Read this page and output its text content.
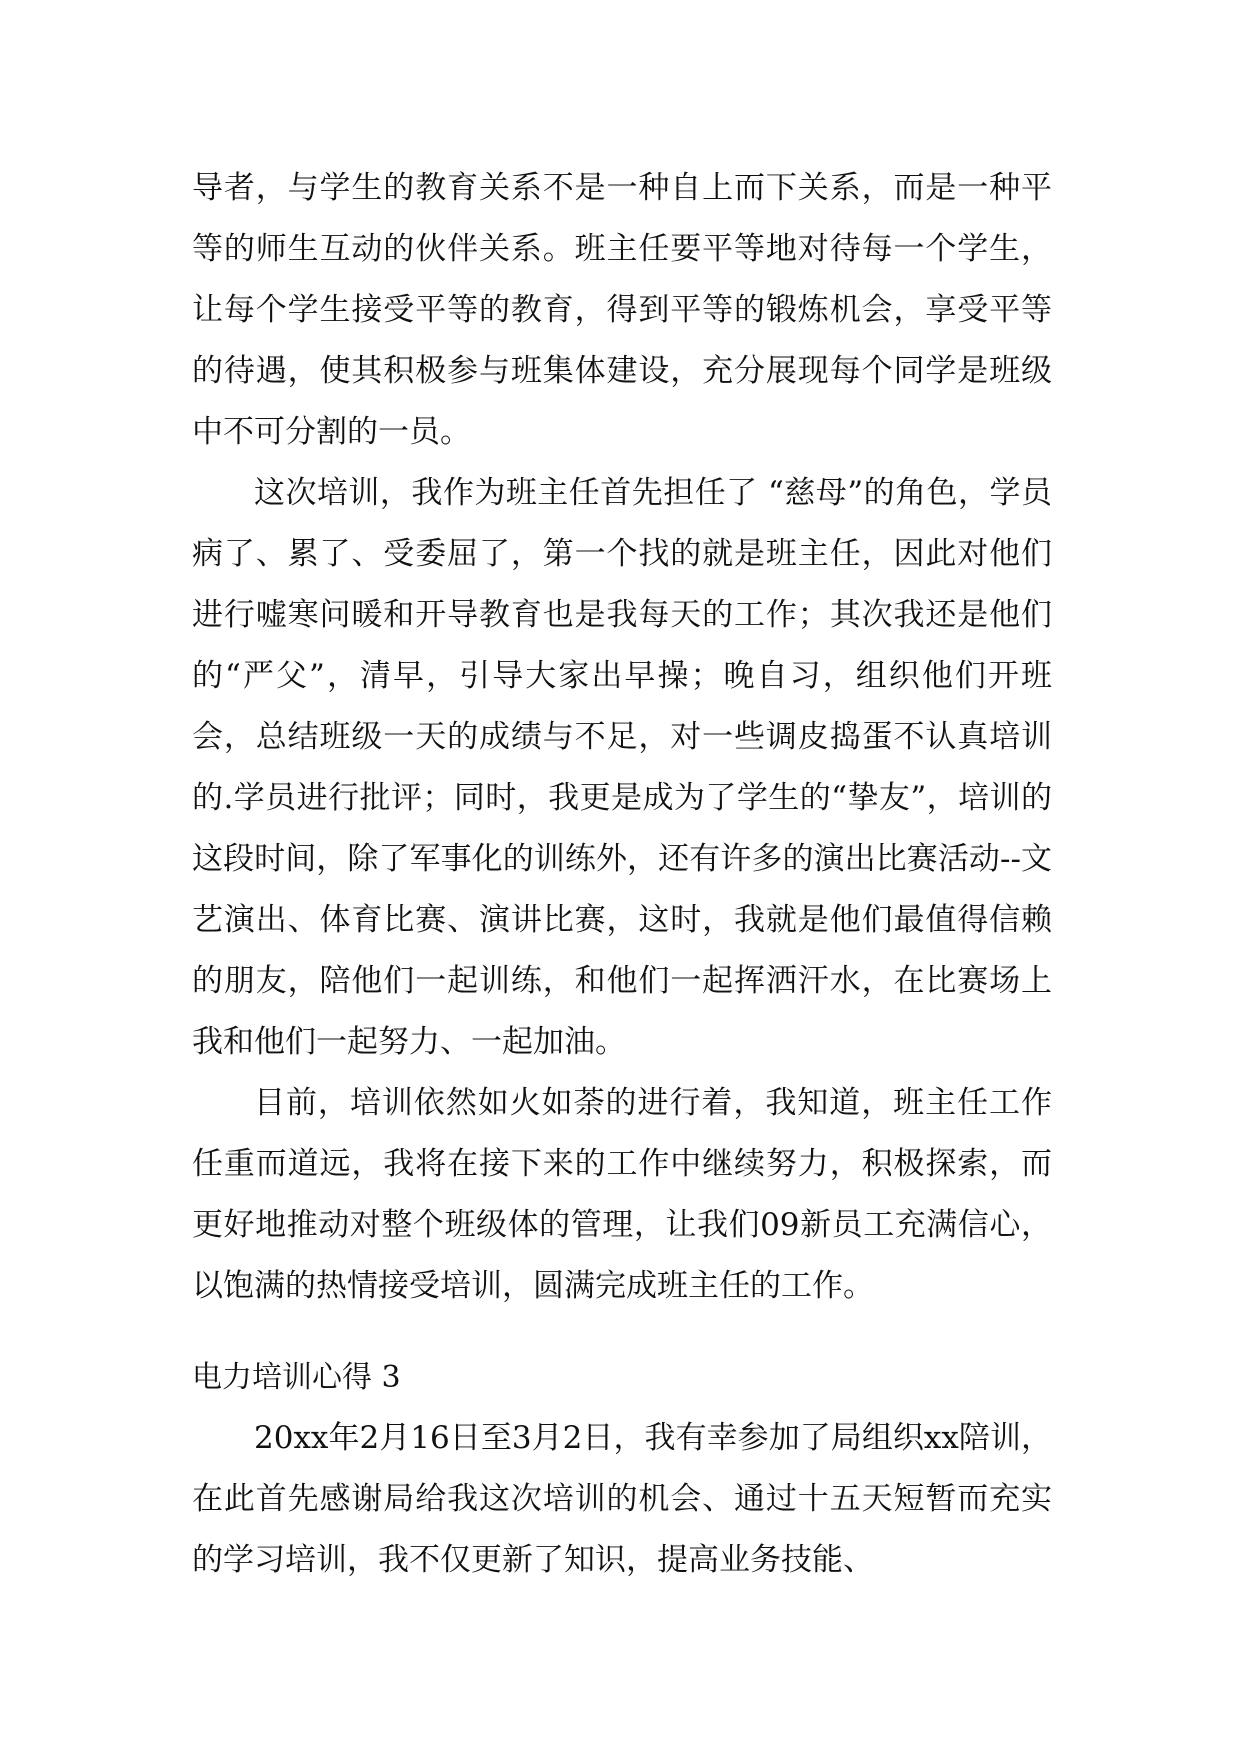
导者，与学生的教育关系不是一种自上而下关系，而是一种平等的师生互动的伙伴关系。班主任要平等地对待每一个学生，让每个学生接受平等的教育，得到平等的锻炼机会，享受平等的待遇，使其积极参与班集体建设，充分展现每个同学是班级中不可分割的一员。

这次培训，我作为班主任首先担任了 “慈母”的角色，学员病了、累了、受委屈了，第一个找的就是班主任，因此对他们进行嘘寒问暖和开导教育也是我每天的工作；其次我还是他们的“严父”，清早，引导大家出早操；晚自习，组织他们开班会，总结班级一天的成绩与不足，对一些调皮捣蛋不认真培训的.学员进行批评；同时，我更是成为了学生的“挚友”，培训的这段时间，除了军事化的训练外，还有许多的演出比赛活动--文艺演出、体育比赛、演讲比赛，这时，我就是他们最值得信赖的朋友，陪他们一起训练，和他们一起挥洒汗水，在比赛场上我和他们一起努力、一起加油。

目前，培训依然如火如荼的进行着，我知道，班主任工作任重而道远，我将在接下来的工作中继续努力，积极探索，而更好地推动对整个班级体的管理，让我们09新员工充满信心，以饱满的热情接受培训，圆满完成班主任的工作。

电力培训心得 3

20xx年2月16日至3月2日，我有幸参加了局组织xx陪训，在此首先感谢局给我这次培训的机会、通过十五天短暂而充实的学习培训，我不仅更新了知识，提高业务技能、
